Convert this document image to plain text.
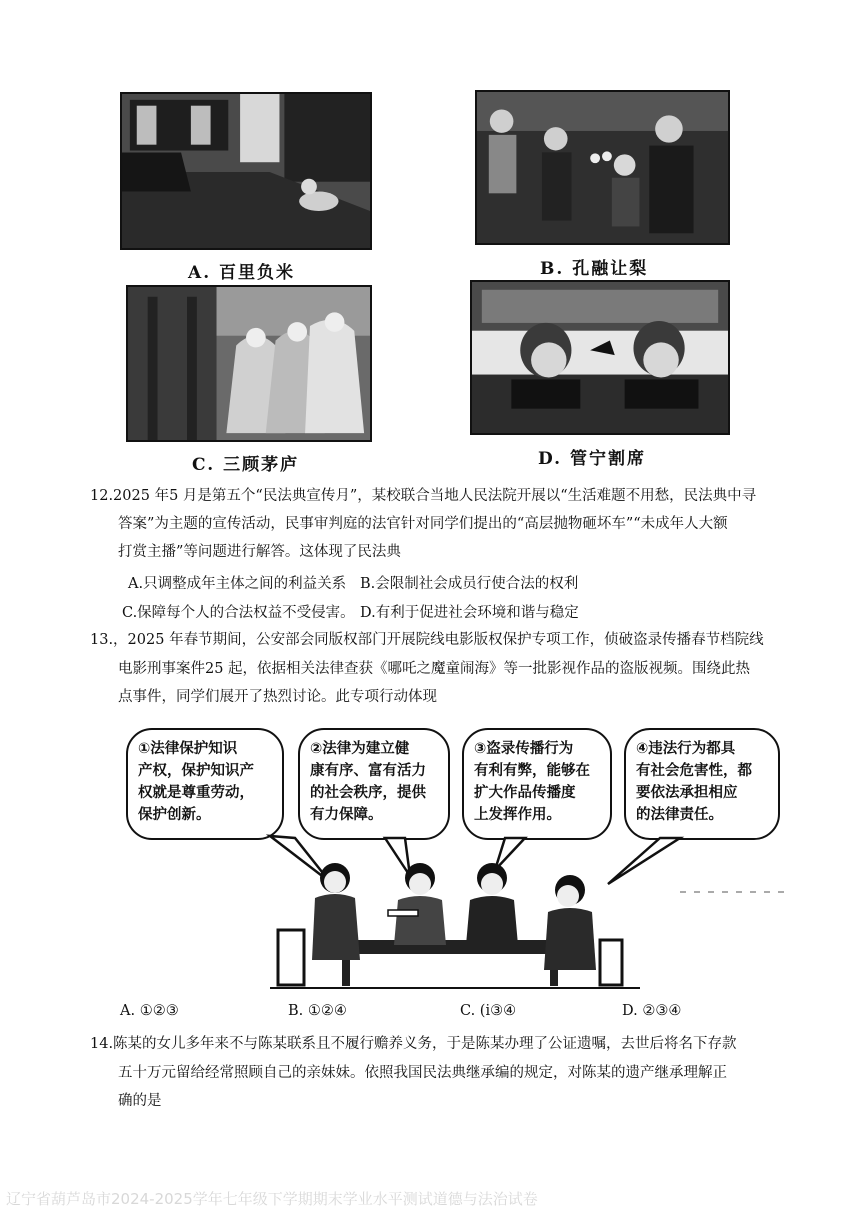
A. 百里负米	B. 孔融让梨
C. 三顾茅庐	D. 管宁割席
12.2025 年5 月是第五个“民法典宣传月”，某校联合当地人民法院开展以“生活难题不用愁，民法典中寻
答案”为主题的宣传活动，民事审判庭的法官针对同学们提出的“高层抛物砸坏车”“未成年人大额
打赏主播”等问题进行解答。这体现了民法典
A.只调整成年主体之间的利益关系 B.会限制社会成员行使合法的权利
C.保障每个人的合法权益不受侵害。 D.有利于促进社会环境和谐与稳定
13.，2025 年春节期间，公安部会同版权部门开展院线电影版权保护专项工作，侦破盗录传播春节档院线
电影刑事案件25 起，依据相关法律查获《哪吒之魔童闹海》等一批影视作品的盗版视频。围绕此热
点事件，同学们展开了热烈讨论。此专项行动体现
①法律保护知识
产权，保护知识产
权就是尊重劳动，
保护创新。
②法律为建立健
康有序、富有活力
的社会秩序，提供
有力保障。
③盗录传播行为
有利有弊，能够在
扩大作品传播度
上发挥作用。
④违法行为都具
有社会危害性，都
要依法承担相应
的法律责任。
A. ①②③	B. ①②④	C. (i③④	D. ②③④
14.陈某的女儿多年来不与陈某联系且不履行赡养义务，于是陈某办理了公证遗嘱，去世后将名下存款
五十万元留给经常照顾自己的亲妹妹。依照我国民法典继承编的规定，对陈某的遗产继承理解正
确的是
辽宁省葫芦岛市2024-2025学年七年级下学期期末学业水平测试道德与法治试卷
